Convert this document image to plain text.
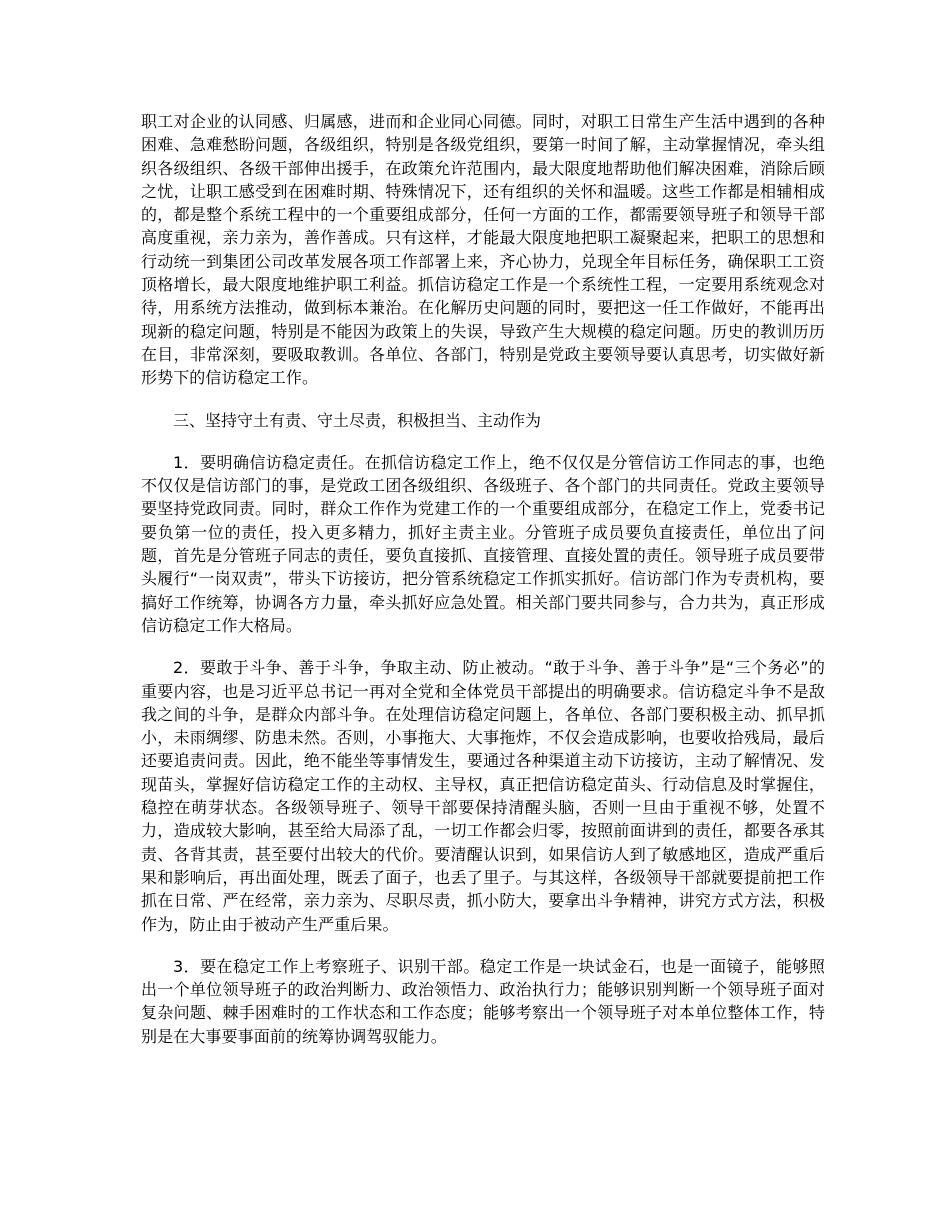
职工对企业的认同感、归属感，进而和企业同心同德。同时，对职工日常生产生活中遇到的各种困难、急难愁盼问题，各级组织，特别是各级党组织，要第一时间了解，主动掌握情况，牵头组织各级组织、各级干部伸出援手，在政策允许范围内，最大限度地帮助他们解决困难，消除后顾之忧，让职工感受到在困难时期、特殊情况下，还有组织的关怀和温暖。这些工作都是相辅相成的，都是整个系统工程中的一个重要组成部分，任何一方面的工作，都需要领导班子和领导干部高度重视，亲力亲为，善作善成。只有这样，才能最大限度地把职工凝聚起来，把职工的思想和行动统一到集团公司改革发展各项工作部署上来，齐心协力，兑现全年目标任务，确保职工工资顶格增长，最大限度地维护职工利益。抓信访稳定工作是一个系统性工程，一定要用系统观念对待，用系统方法推动，做到标本兼治。在化解历史问题的同时，要把这一任工作做好，不能再出现新的稳定问题，特别是不能因为政策上的失误，导致产生大规模的稳定问题。历史的教训历历在目，非常深刻，要吸取教训。各单位、各部门，特别是党政主要领导要认真思考，切实做好新形势下的信访稳定工作。

三、坚持守土有责、守土尽责，积极担当、主动作为

1．要明确信访稳定责任。在抓信访稳定工作上，绝不仅仅是分管信访工作同志的事，也绝不仅仅是信访部门的事，是党政工团各级组织、各级班子、各个部门的共同责任。党政主要领导要坚持党政同责。同时，群众工作作为党建工作的一个重要组成部分，在稳定工作上，党委书记要负第一位的责任，投入更多精力，抓好主责主业。分管班子成员要负直接责任，单位出了问题，首先是分管班子同志的责任，要负直接抓、直接管理、直接处置的责任。领导班子成员要带头履行“一岗双责”，带头下访接访，把分管系统稳定工作抓实抓好。信访部门作为专责机构，要搞好工作统筹，协调各方力量，牵头抓好应急处置。相关部门要共同参与，合力共为，真正形成信访稳定工作大格局。

2．要敢于斗争、善于斗争，争取主动、防止被动。“敢于斗争、善于斗争”是“三个务必”的重要内容，也是习近平总书记一再对全党和全体党员干部提出的明确要求。信访稳定斗争不是敌我之间的斗争，是群众内部斗争。在处理信访稳定问题上，各单位、各部门要积极主动、抓早抓小，未雨绸缪、防患未然。否则，小事拖大、大事拖炸，不仅会造成影响，也要收拾残局，最后还要追责问责。因此，绝不能坐等事情发生，要通过各种渠道主动下访接访，主动了解情况、发现苗头，掌握好信访稳定工作的主动权、主导权，真正把信访稳定苗头、行动信息及时掌握住，稳控在萌芽状态。各级领导班子、领导干部要保持清醒头脑，否则一旦由于重视不够，处置不力，造成较大影响，甚至给大局添了乱，一切工作都会归零，按照前面讲到的责任，都要各承其责、各背其责，甚至要付出较大的代价。要清醒认识到，如果信访人到了敏感地区，造成严重后果和影响后，再出面处理，既丢了面子，也丢了里子。与其这样，各级领导干部就要提前把工作抓在日常、严在经常，亲力亲为、尽职尽责，抓小防大，要拿出斗争精神，讲究方式方法，积极作为，防止由于被动产生严重后果。

3．要在稳定工作上考察班子、识别干部。稳定工作是一块试金石，也是一面镜子，能够照出一个单位领导班子的政治判断力、政治领悟力、政治执行力；能够识别判断一个领导班子面对复杂问题、棘手困难时的工作状态和工作态度；能够考察出一个领导班子对本单位整体工作，特别是在大事要事面前的统筹协调驾驭能力。
